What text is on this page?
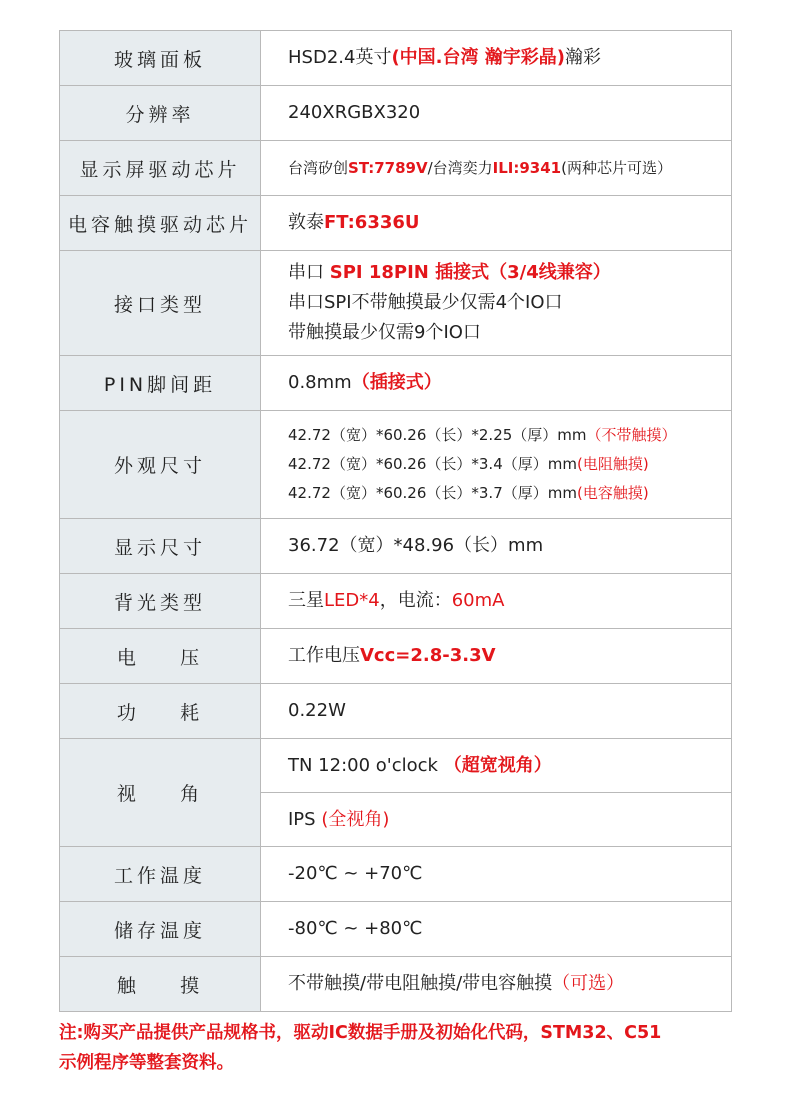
玻璃面板	HSD2.4英寸(中国.台湾 瀚宇彩晶)瀚彩
分辨率	240XRGBX320
显示屏驱动芯片	台湾矽创ST:7789V/台湾奕力ILI:9341(两种芯片可选）
电容触摸驱动芯片	敦泰FT:6336U
接口类型	串口 SPI 18PIN 插接式（3/4线兼容）
串口SPI不带触摸最少仅需4个IO口
带触摸最少仅需9个IO口

PIN脚间距	0.8mm（插接式）
外观尺寸	42.72（宽）*60.26（长）*2.25（厚）mm（不带触摸）
42.72（宽）*60.26（长）*3.4（厚）mm(电阻触摸)
42.72（宽）*60.26（长）*3.7（厚）mm(电容触摸)

显示尺寸	36.72（宽）*48.96（长）mm
背光类型	三星LED*4，电流：60mA
电    压	工作电压Vcc=2.8-3.3V
功    耗	0.22W
视    角	TN 12:00 o'clock （超宽视角）
	IPS (全视角)
工作温度	-20℃ ~ +70℃
储存温度	-80℃ ~ +80℃
触    摸	不带触摸/带电阻触摸/带电容触摸（可选）
注:购买产品提供产品规格书，驱动IC数据手册及初始化代码，STM32、C51
示例程序等整套资料。
